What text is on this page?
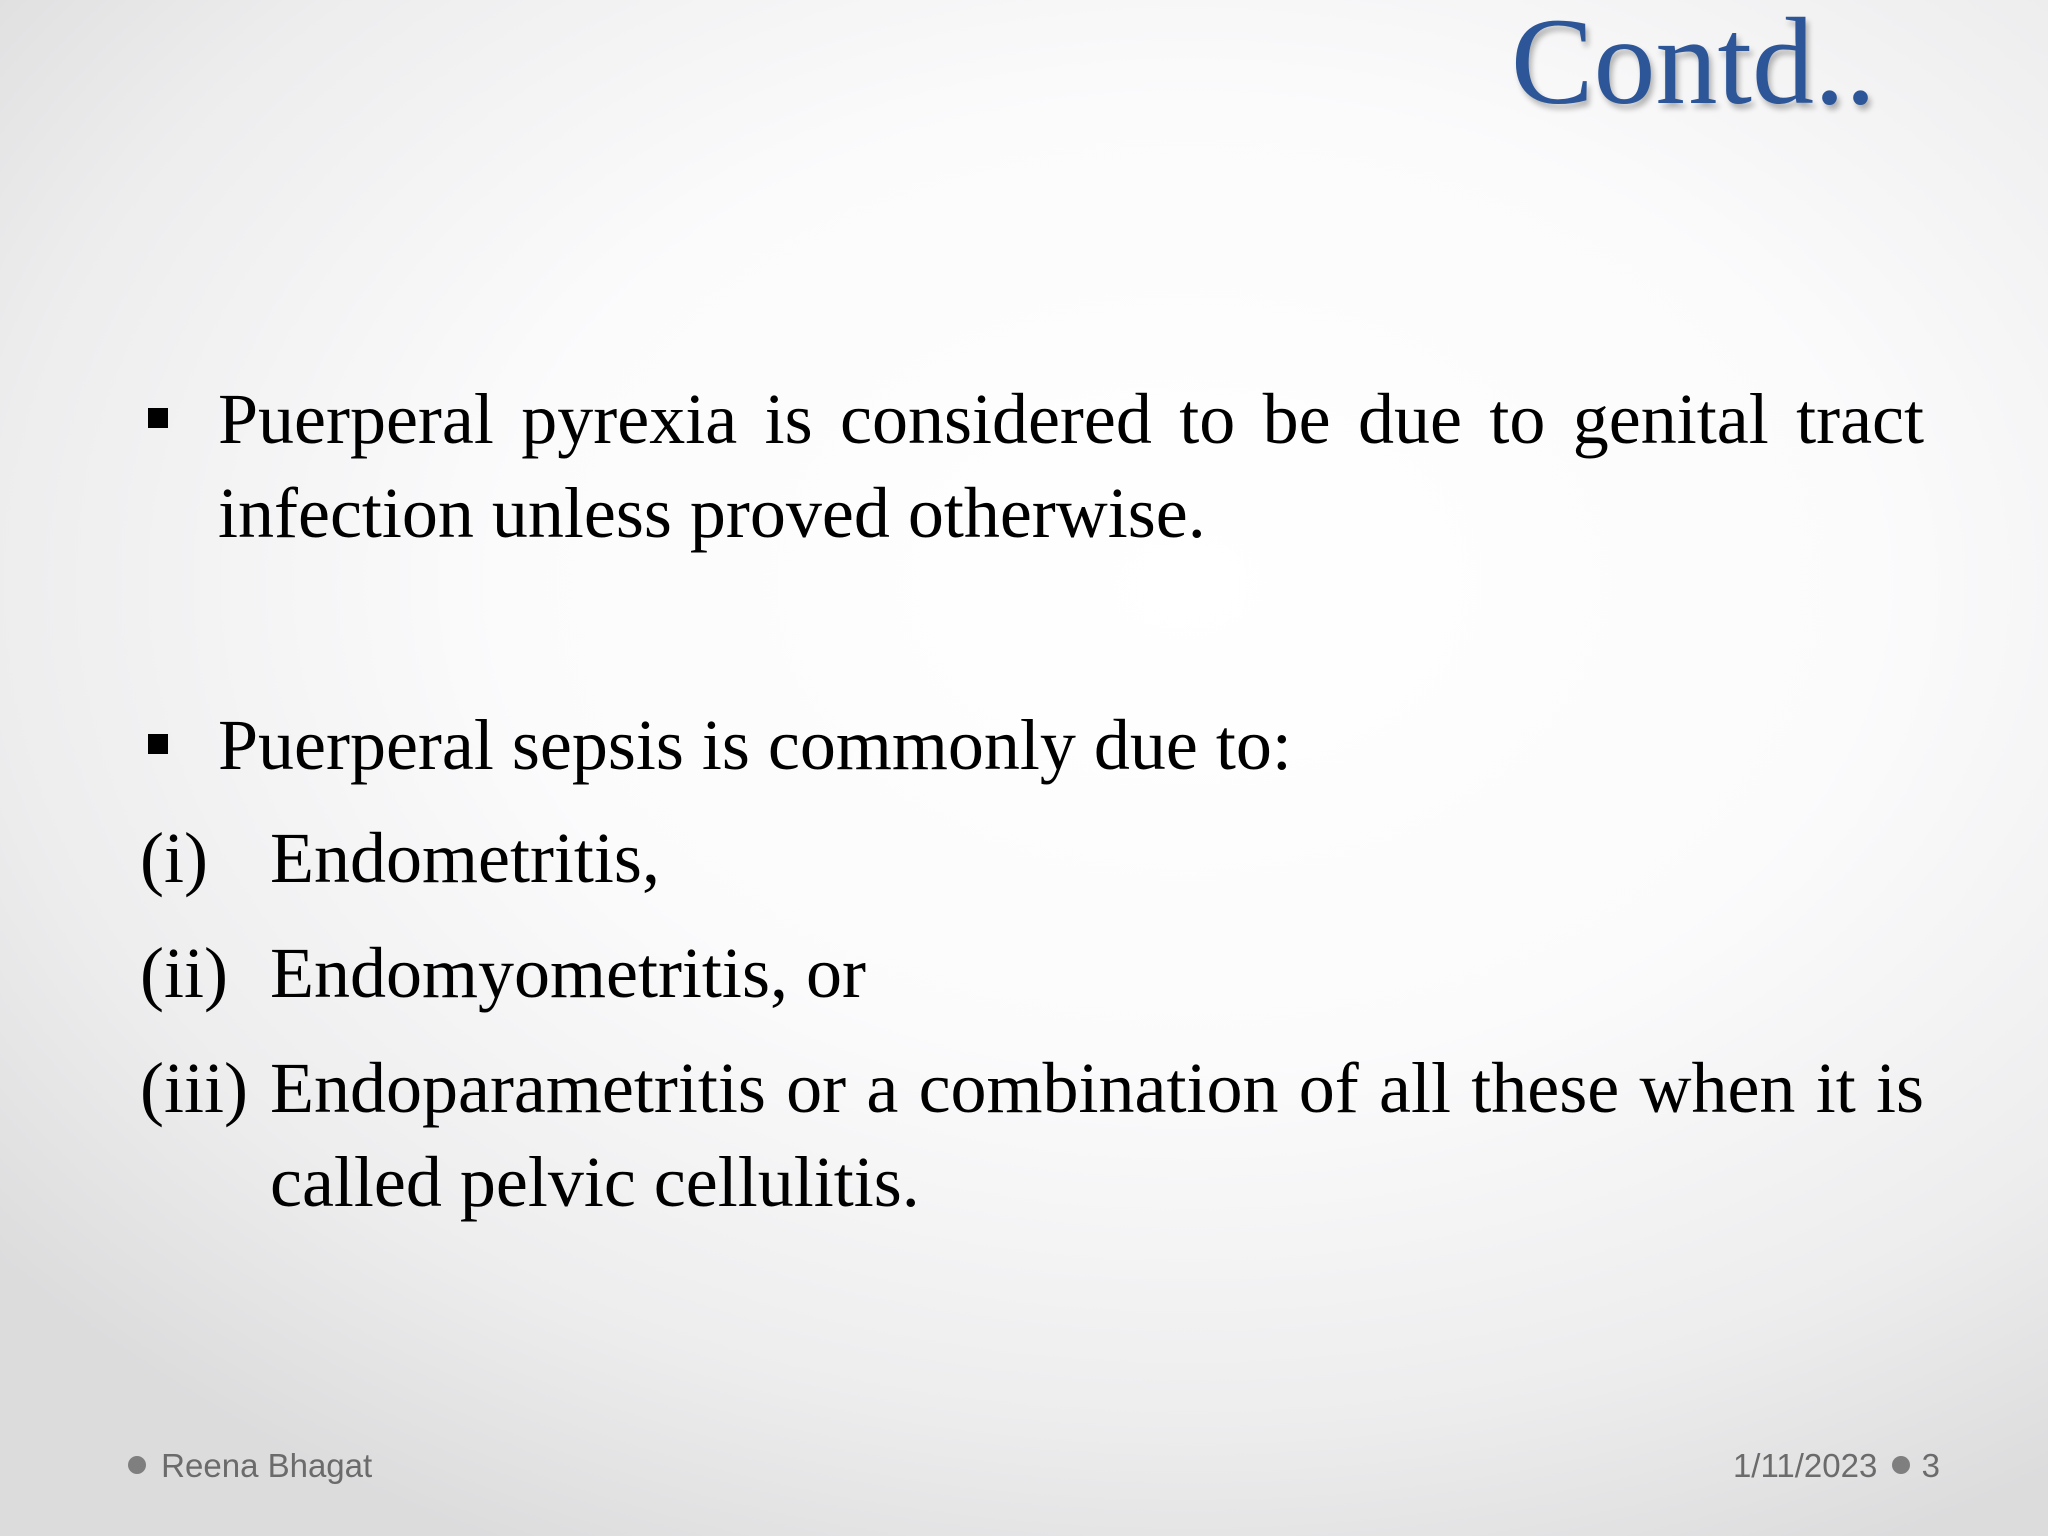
Contd..
Puerperal pyrexia is considered to be due to genital tract infection unless proved otherwise.
Puerperal sepsis is commonly due to:
(i) Endometritis,
(ii) Endomyometritis, or
(iii) Endoparametritis or a combination of all these when it is called pelvic cellulitis.
Reena Bhagat	1/11/2023 3
